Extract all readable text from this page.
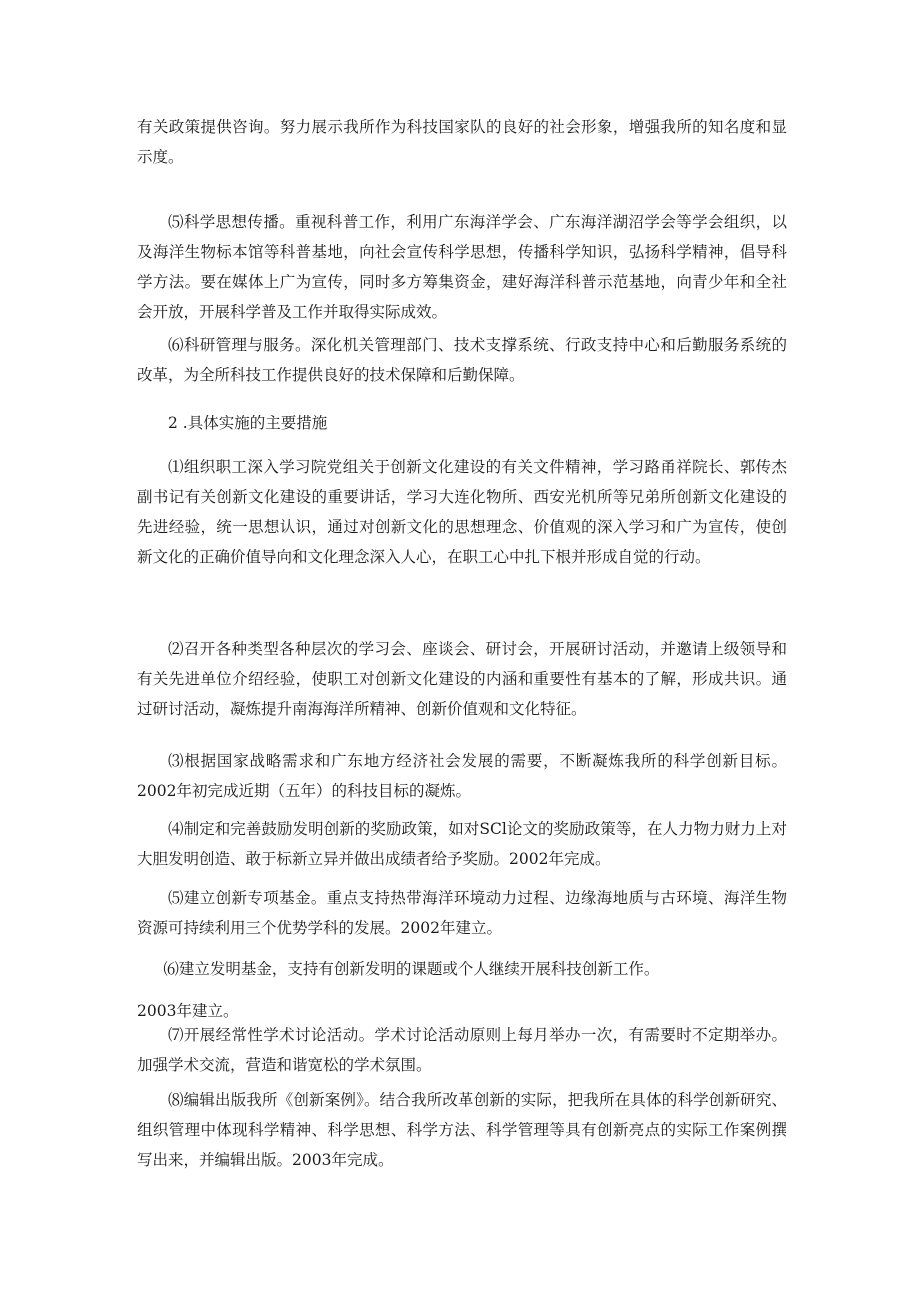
有关政策提供咨询。努力展示我所作为科技国家队的良好的社会形象，增强我所的知名度和显示度。

⑸科学思想传播。重视科普工作，利用广东海洋学会、广东海洋湖沼学会等学会组织，以及海洋生物标本馆等科普基地，向社会宣传科学思想，传播科学知识，弘扬科学精神，倡导科学方法。要在媒体上广为宣传，同时多方筹集资金，建好海洋科普示范基地，向青少年和全社会开放，开展科学普及工作并取得实际成效。

⑹科研管理与服务。深化机关管理部门、技术支撑系统、行政支持中心和后勤服务系统的改革，为全所科技工作提供良好的技术保障和后勤保障。

2 .具体实施的主要措施

⑴组织职工深入学习院党组关于创新文化建设的有关文件精神，学习路甬祥院长、郭传杰副书记有关创新文化建设的重要讲话，学习大连化物所、西安光机所等兄弟所创新文化建设的先进经验，统一思想认识，通过对创新文化的思想理念、价值观的深入学习和广为宣传，使创新文化的正确价值导向和文化理念深入人心，在职工心中扎下根并形成自觉的行动。

⑵召开各种类型各种层次的学习会、座谈会、研讨会，开展研讨活动，并邀请上级领导和有关先进单位介绍经验，使职工对创新文化建设的内涵和重要性有基本的了解，形成共识。通过研讨活动，凝炼提升南海海洋所精神、创新价值观和文化特征。

⑶根据国家战略需求和广东地方经济社会发展的需要，不断凝炼我所的科学创新目标。2002年初完成近期（五年）的科技目标的凝炼。

⑷制定和完善鼓励发明创新的奖励政策，如对SCl论文的奖励政策等，在人力物力财力上对大胆发明创造、敢于标新立异并做出成绩者给予奖励。2002年完成。

⑸建立创新专项基金。重点支持热带海洋环境动力过程、边缘海地质与古环境、海洋生物资源可持续利用三个优势学科的发展。2002年建立。

⑹建立发明基金，支持有创新发明的课题或个人继续开展科技创新工作。

2003年建立。

⑺开展经常性学术讨论活动。学术讨论活动原则上每月举办一次，有需要时不定期举办。加强学术交流，营造和谐宽松的学术氛围。

⑻编辑出版我所《创新案例》。结合我所改革创新的实际，把我所在具体的科学创新研究、组织管理中体现科学精神、科学思想、科学方法、科学管理等具有创新亮点的实际工作案例撰写出来，并编辑出版。2003年完成。
